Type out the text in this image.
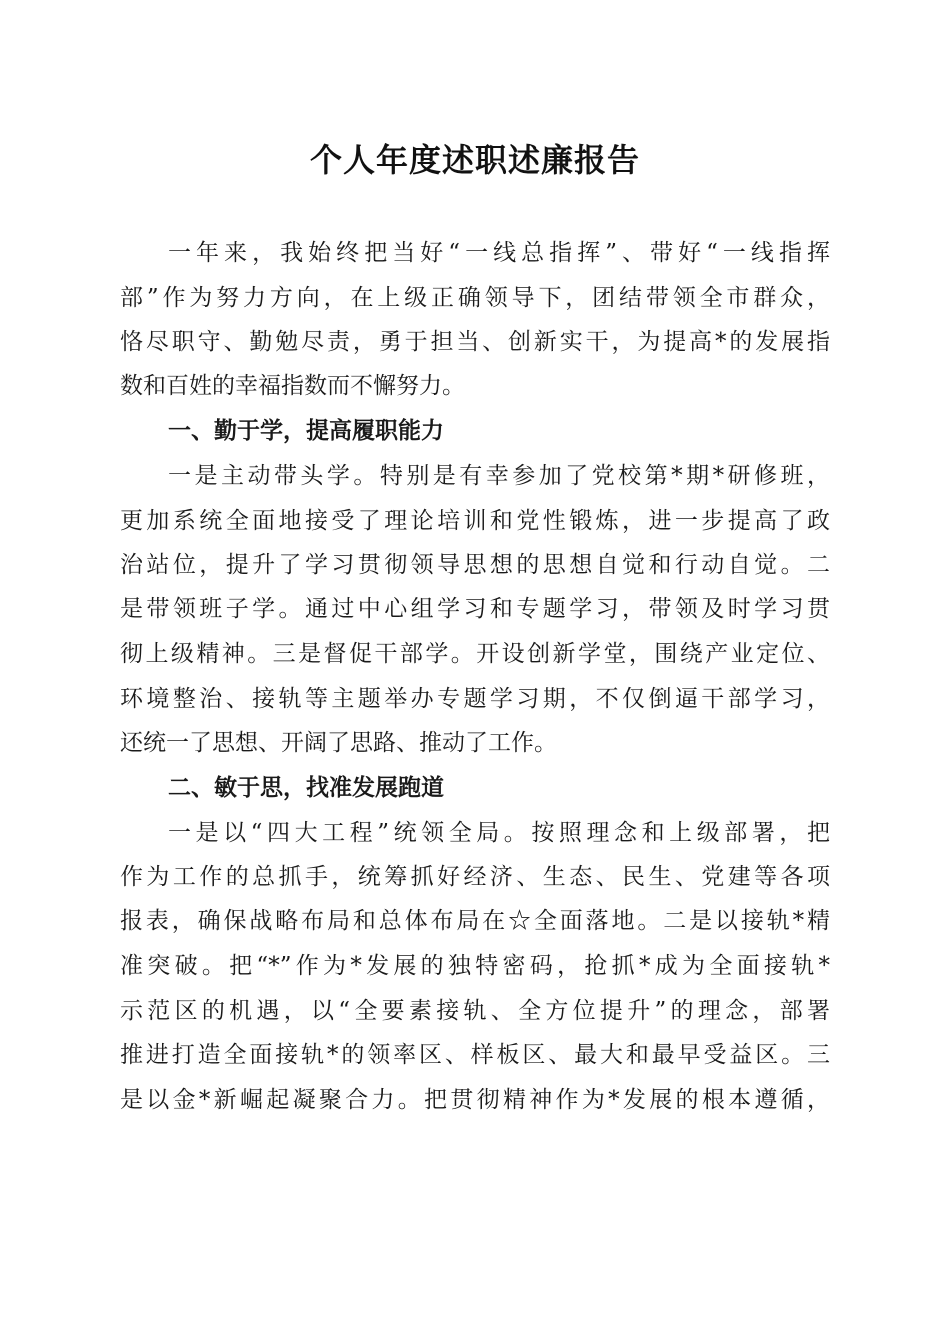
个人年度述职述廉报告

一年来，我始终把当好“一线总指挥”、带好“一线指挥

部”作为努力方向，在上级正确领导下，团结带领全市群众，

恪尽职守、勤勉尽责，勇于担当、创新实干，为提高*的发展指

数和百姓的幸福指数而不懈努力。

一、勤于学，提高履职能力

一是主动带头学。特别是有幸参加了党校第*期*研修班，

更加系统全面地接受了理论培训和党性锻炼，进一步提高了政

治站位，提升了学习贯彻领导思想的思想自觉和行动自觉。二

是带领班子学。通过中心组学习和专题学习，带领及时学习贯

彻上级精神。三是督促干部学。开设创新学堂，围绕产业定位、

环境整治、接轨等主题举办专题学习期，不仅倒逼干部学习，

还统一了思想、开阔了思路、推动了工作。

二、敏于思，找准发展跑道

一是以“四大工程”统领全局。按照理念和上级部署，把

作为工作的总抓手，统筹抓好经济、生态、民生、党建等各项

报表，确保战略布局和总体布局在☆全面落地。二是以接轨*精

准突破。把“*”作为*发展的独特密码，抢抓*成为全面接轨*

示范区的机遇，以“全要素接轨、全方位提升”的理念，部署

推进打造全面接轨*的领率区、样板区、最大和最早受益区。三

是以金*新崛起凝聚合力。把贯彻精神作为*发展的根本遵循，
